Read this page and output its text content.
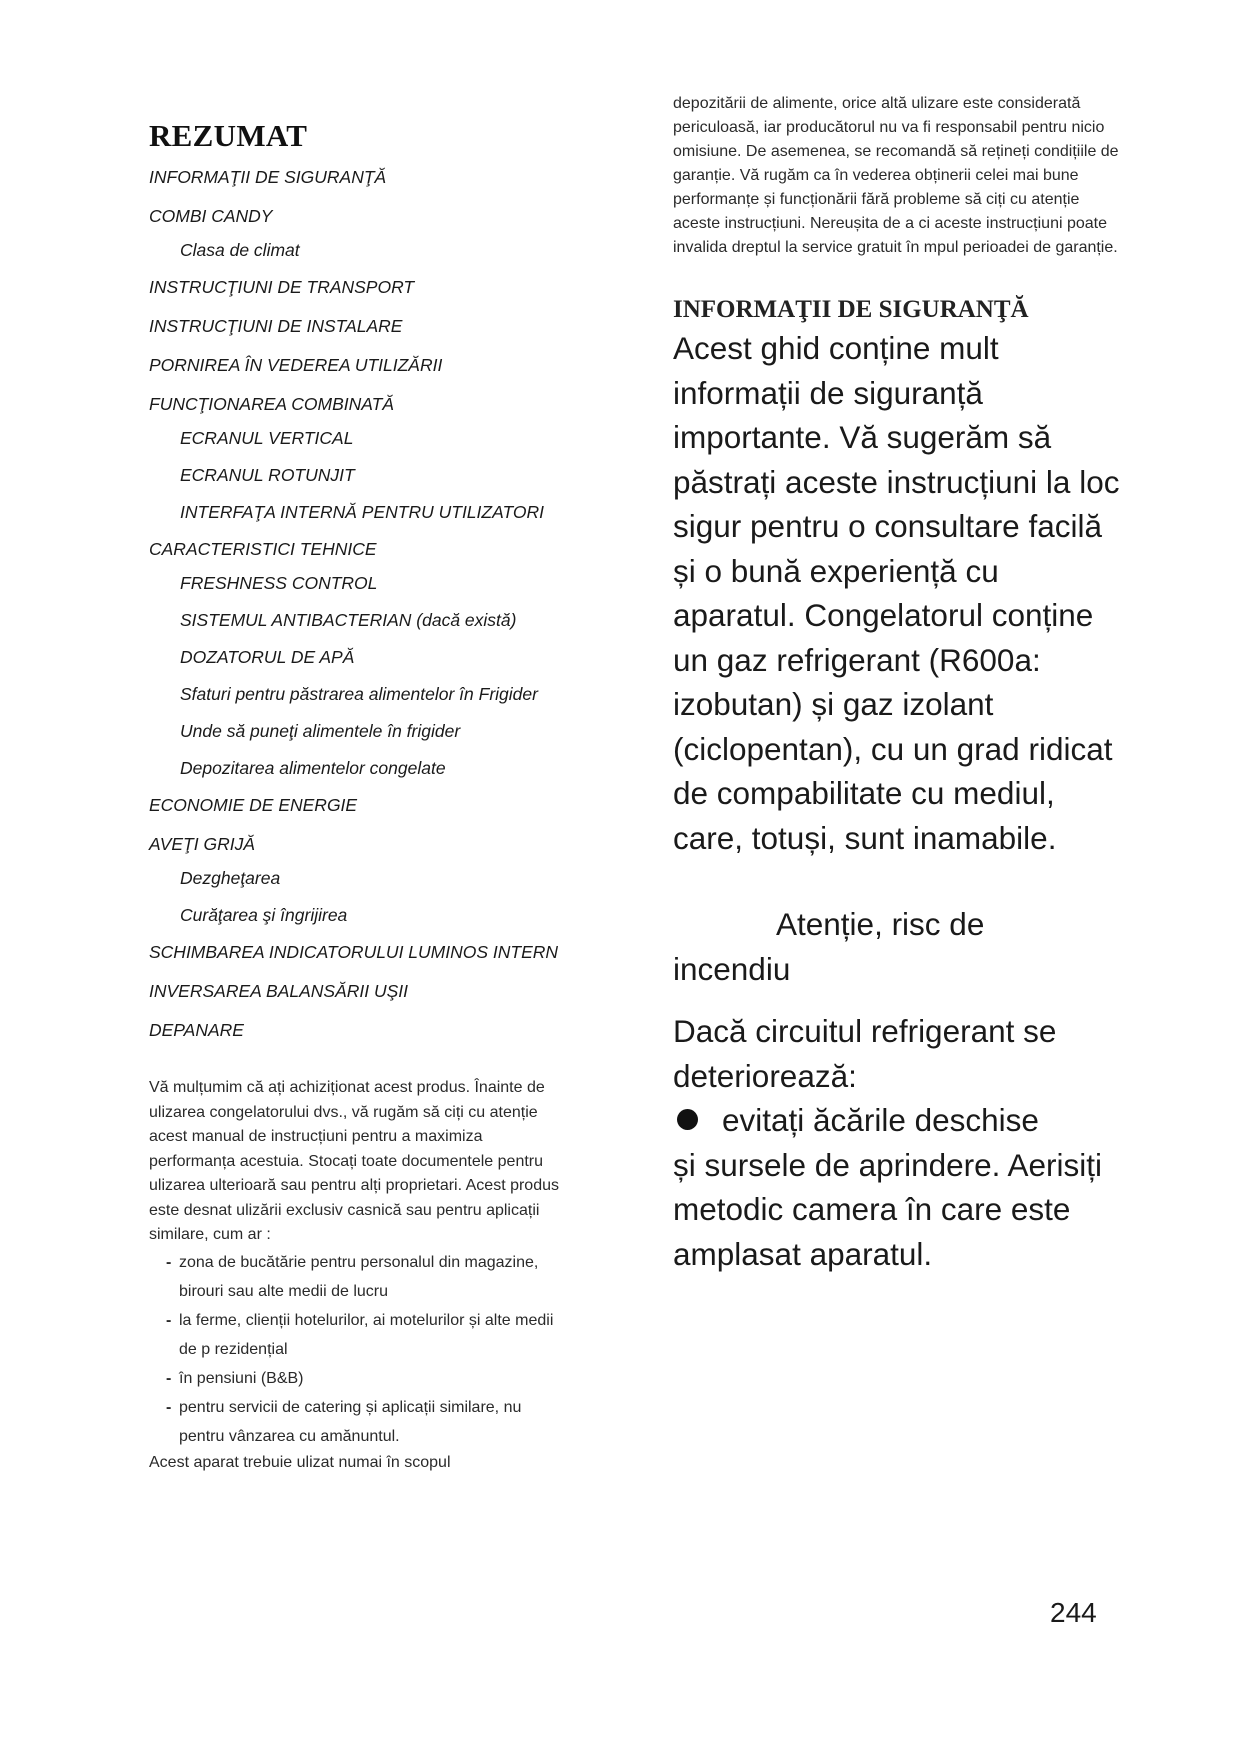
REZUMAT
INFORMAŢII DE SIGURANŢĂ
COMBI CANDY
Clasa de climat
INSTRUCŢIUNI DE TRANSPORT
INSTRUCŢIUNI DE INSTALARE
PORNIREA ÎN VEDEREA UTILIZĂRII
FUNCŢIONAREA COMBINATĂ
ECRANUL VERTICAL
ECRANUL ROTUNJIT
INTERFAŢA INTERNĂ PENTRU UTILIZATORI
CARACTERISTICI TEHNICE
FRESHNESS CONTROL
SISTEMUL ANTIBACTERIAN (dacă există)
DOZATORUL DE APĂ
Sfaturi pentru păstrarea alimentelor în Frigider
Unde să puneţi alimentele în frigider
Depozitarea alimentelor congelate
ECONOMIE DE ENERGIE
AVEŢI GRIJĂ
Dezgheţarea
Curăţarea şi îngrijirea
SCHIMBAREA INDICATORULUI LUMINOS INTERN
INVERSAREA BALANSĂRII UŞII
DEPANARE

Vă mulțumim că ați achiziționat acest produs. Înainte de ulizarea congelatorului dvs., vă rugăm să ciți cu atenție acest manual de instrucțiuni pentru a maximiza performanța acestuia. Stocați toate documentele pentru ulizarea ulterioară sau pentru alți proprietari. Acest produs este desnat ulizării exclusiv casnică sau pentru aplicații similare, cum ar :

- zona de bucătărie pentru personalul din magazine, birouri sau alte medii de lucru
- la ferme, clienții hotelurilor, ai motelurilor și alte medii de p rezidențial
- în pensiuni (B&B)
- pentru servicii de catering și aplicații similare, nu pentru vânzarea cu amănuntul.

Acest aparat trebuie ulizat numai în scopul

depozitării de alimente, orice altă ulizare este considerată periculoasă, iar producătorul nu va fi responsabil pentru nicio omisiune. De asemenea, se recomandă să rețineți condițiile de garanție. Vă rugăm ca în vederea obținerii celei mai bune performanțe și funcționării fără probleme să ciți cu atenție aceste instrucțiuni. Nereușita de a ci aceste instrucțiuni poate invalida dreptul la service gratuit în mpul perioadei de garanție.

INFORMAŢII DE SIGURANŢĂ

Acest ghid conține mult informații de siguranță importante. Vă sugerăm să păstrați aceste instrucțiuni la loc sigur pentru o consultare facilă și o bună experiență cu aparatul. Congelatorul conține un gaz refrigerant (R600a: izobutan) și gaz izolant (ciclopentan), cu un grad ridicat de compabilitate cu mediul, care, totuși, sunt inamabile.

Atenție, risc de
incendiu

Dacă circuitul refrigerant se deteriorează:

evitați ăcările deschise

și sursele de aprindere. Aerisiți metodic camera în care este amplasat aparatul.

244
